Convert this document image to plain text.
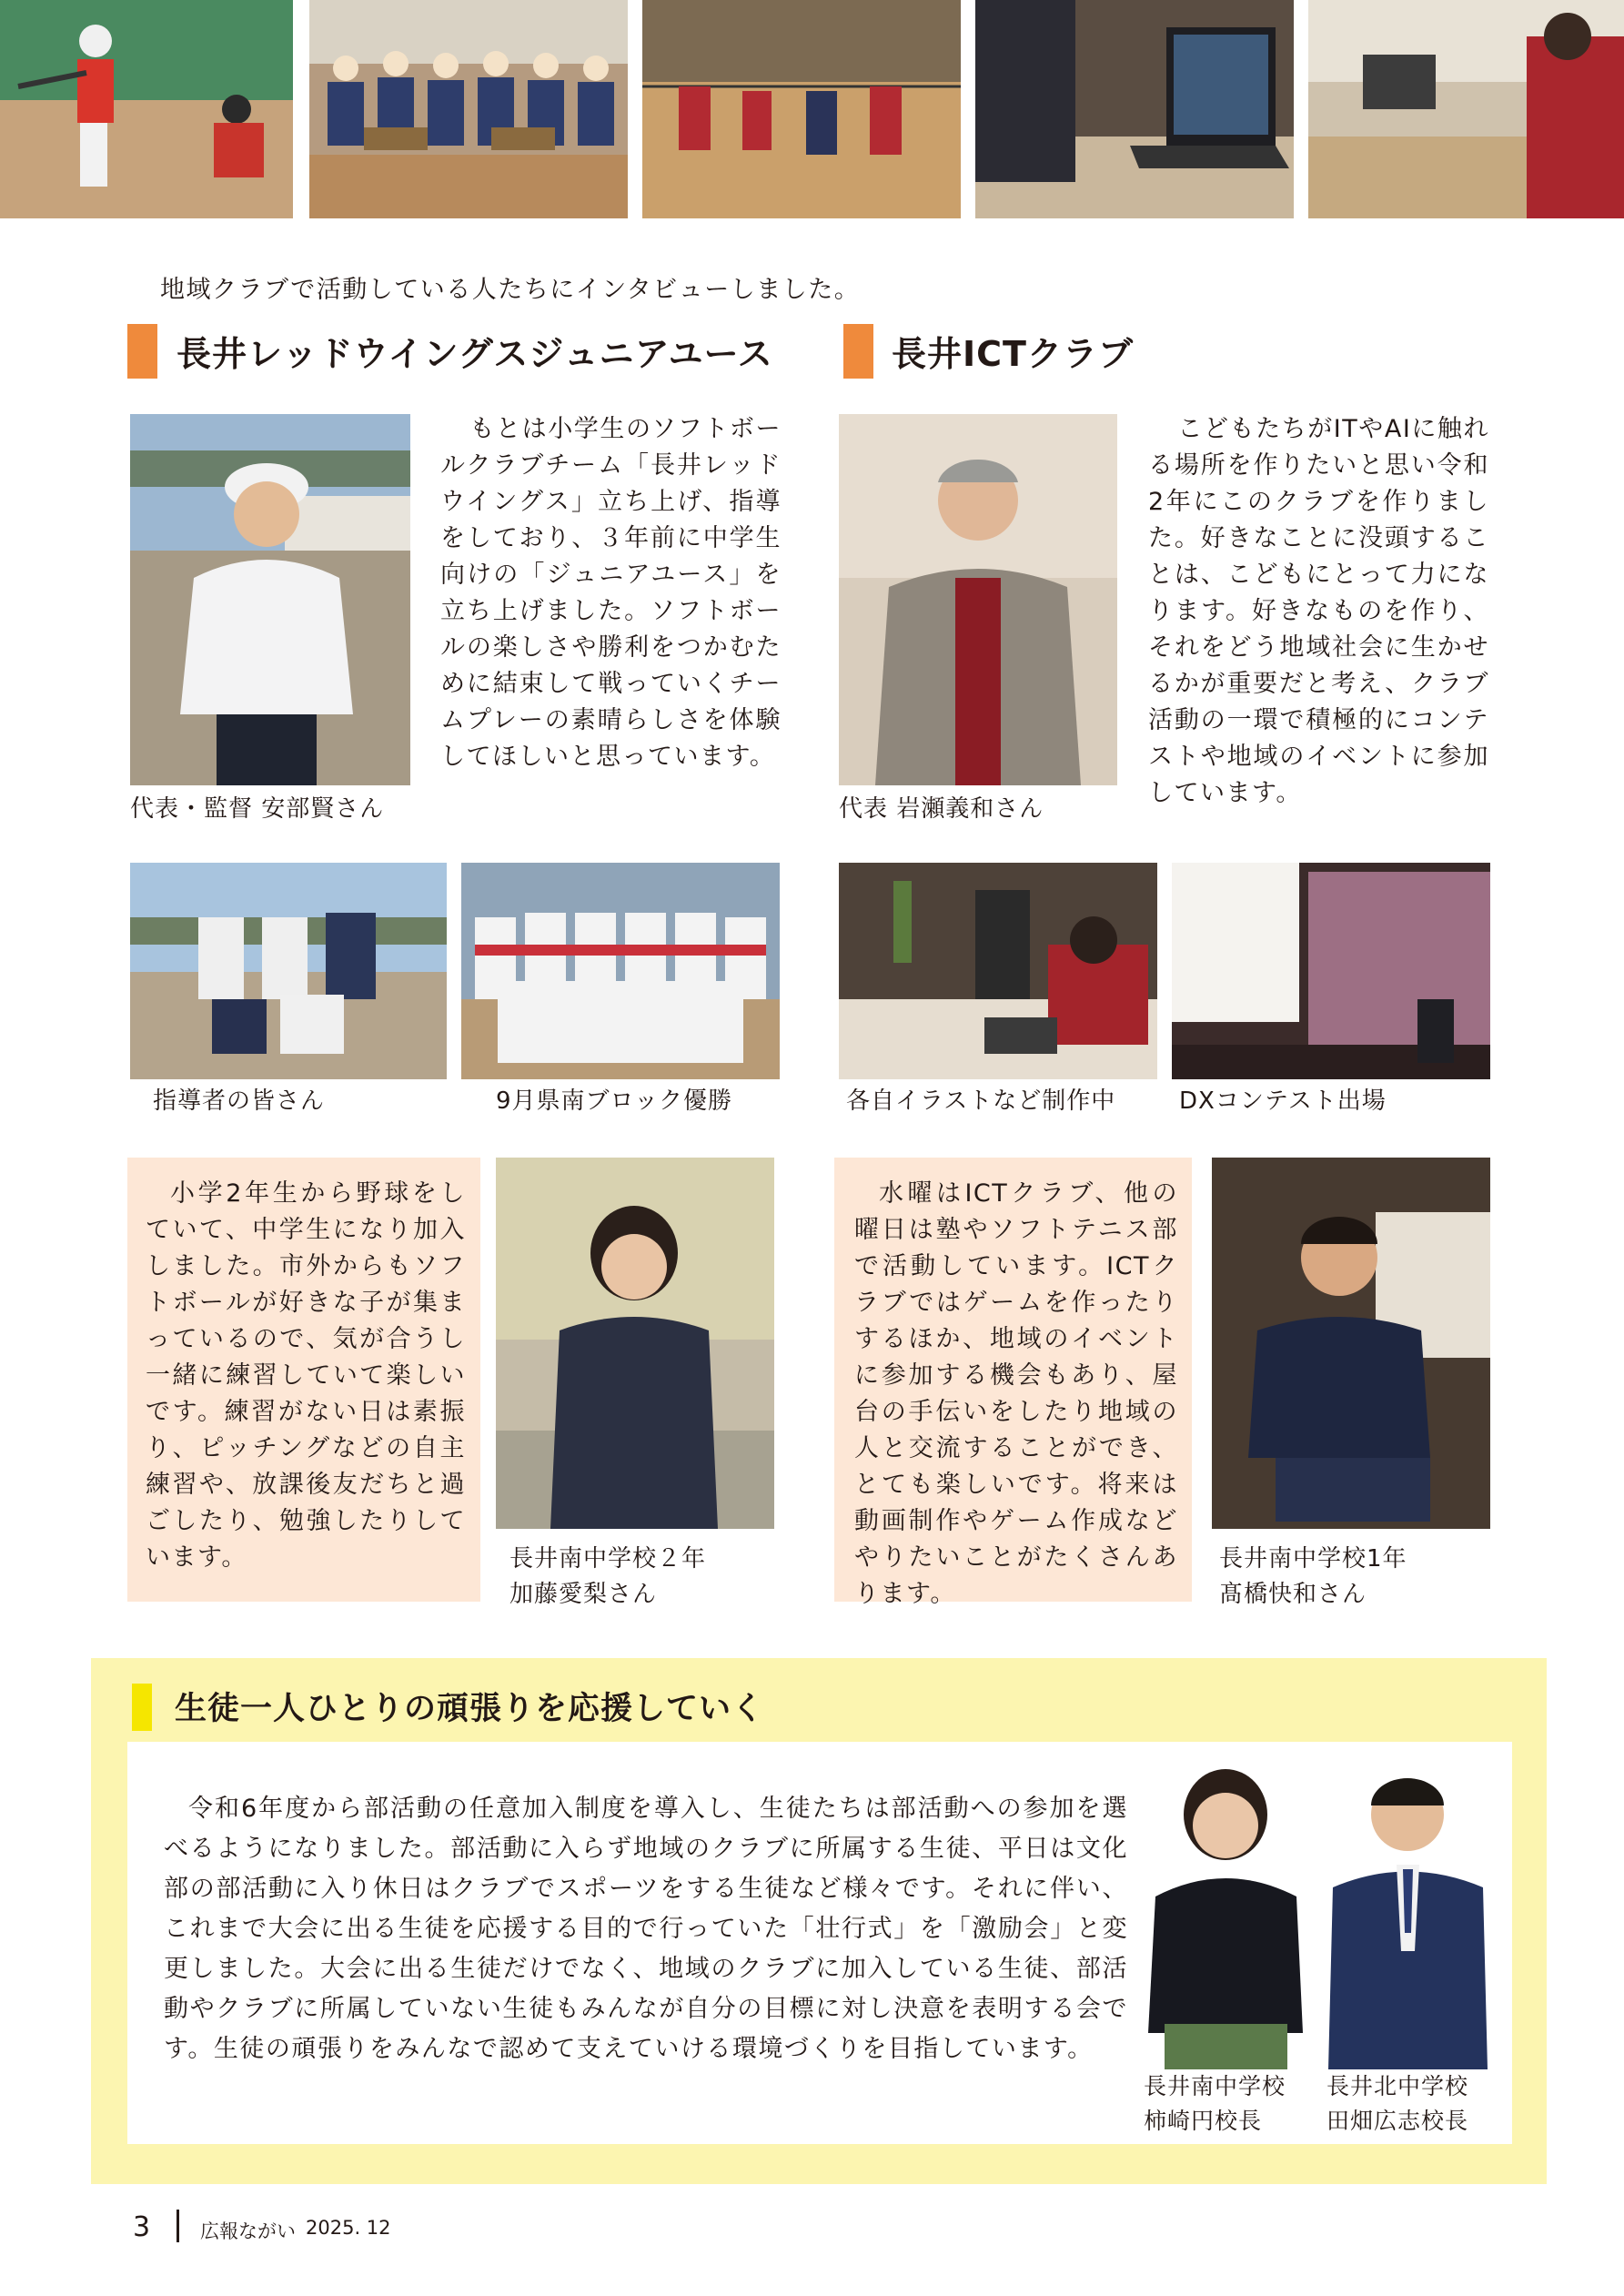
地域クラブで活動している人たちにインタビューしました。
長井レッドウイングスジュニアユース
代表・監督 安部賢さん
もとは小学生のソフトボールクラブチーム「長井レッドウイングス」立ち上げ、指導をしており、３年前に中学生向けの「ジュニアユース」を立ち上げました。ソフトボールの楽しさや勝利をつかむために結束して戦っていくチームプレーの素晴らしさを体験してほしいと思っています。
指導者の皆さん	9月県南ブロック優勝
小学2年生から野球をしていて、中学生になり加入しました。市外からもソフトボールが好きな子が集まっているので、気が合うし一緒に練習していて楽しいです。練習がない日は素振り、ピッチングなどの自主練習や、放課後友だちと過ごしたり、勉強したりしています。	長井南中学校２年
加藤愛梨さん
長井ICTクラブ
代表 岩瀬義和さん
こどもたちがITやAIに触れる場所を作りたいと思い令和2年にこのクラブを作りました。好きなことに没頭することは、こどもにとって力になります。好きなものを作り、それをどう地域社会に生かせるかが重要だと考え、クラブ活動の一環で積極的にコンテストや地域のイベントに参加しています。
各自イラストなど制作中	DXコンテスト出場
水曜はICTクラブ、他の曜日は塾やソフトテニス部で活動しています。ICTクラブではゲームを作ったりするほか、地域のイベントに参加する機会もあり、屋台の手伝いをしたり地域の人と交流することができ、とても楽しいです。将来は動画制作やゲーム作成などやりたいことがたくさんあります。
長井南中学校1年
髙橋快和さん
生徒一人ひとりの頑張りを応援していく
令和6年度から部活動の任意加入制度を導入し、生徒たちは部活動への参加を選べるようになりました。部活動に入らず地域のクラブに所属する生徒、平日は文化部の部活動に入り休日はクラブでスポーツをする生徒など様々です。それに伴い、これまで大会に出る生徒を応援する目的で行っていた「壮行式」を「激励会」と変更しました。大会に出る生徒だけでなく、地域のクラブに加入している生徒、部活動やクラブに所属していない生徒もみんなが自分の目標に対し決意を表明する会です。生徒の頑張りをみんなで認めて支えていける環境づくりを目指しています。
長井南中学校
柿崎円校長
長井北中学校
田畑広志校長
3	広報ながい 2025. 12
